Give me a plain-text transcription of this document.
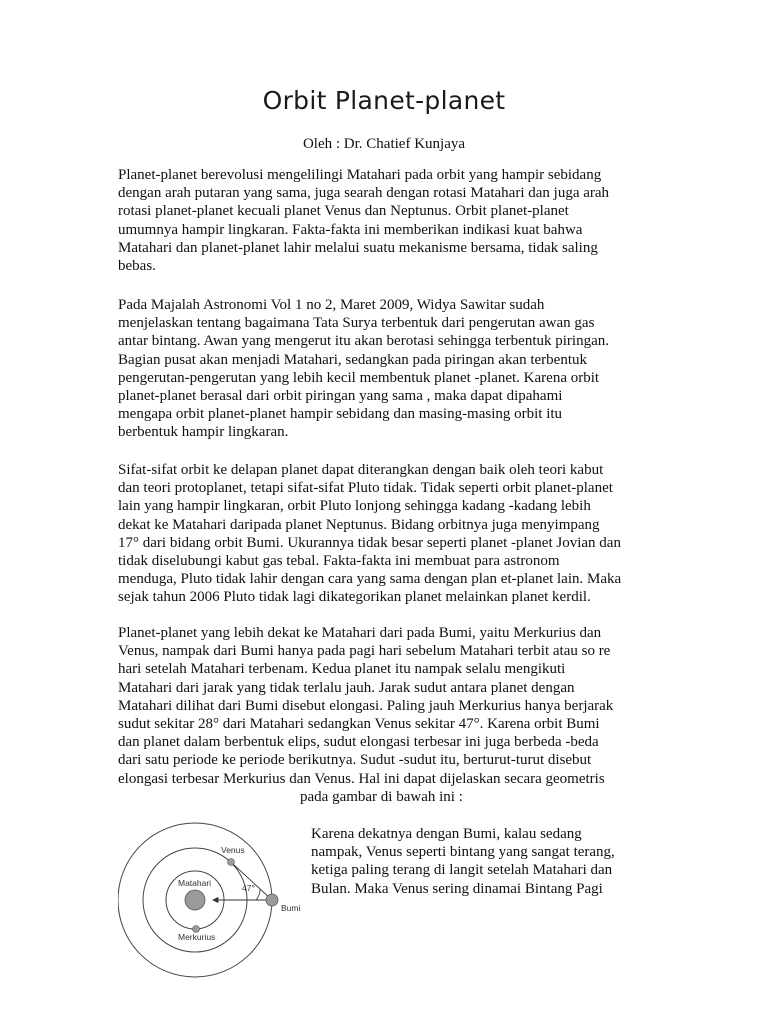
Orbit Planet-planet
Oleh : Dr. Chatief Kunjaya

Planet-planet berevolusi mengelilingi Matahari pada orbit yang hampir sebidang
dengan arah putaran yang sama, juga searah dengan rotasi Matahari dan juga arah
rotasi planet-planet kecuali planet Venus dan Neptunus. Orbit planet-planet
umumnya hampir lingkaran. Fakta-fakta ini memberikan indikasi kuat bahwa
Matahari dan planet-planet lahir melalui suatu mekanisme bersama, tidak saling
bebas.

Pada Majalah Astronomi Vol 1 no 2, Maret 2009, Widya Sawitar sudah
menjelaskan tentang bagaimana Tata Surya terbentuk dari pengerutan awan gas
antar bintang. Awan yang mengerut itu akan berotasi sehingga terbentuk piringan.
Bagian pusat akan menjadi Matahari, sedangkan pada piringan akan terbentuk
pengerutan-pengerutan yang lebih kecil membentuk planet -planet. Karena orbit
planet-planet berasal dari orbit piringan yang sama , maka dapat dipahami
mengapa orbit planet-planet hampir sebidang dan masing-masing orbit itu
berbentuk hampir lingkaran.

Sifat-sifat orbit ke delapan planet dapat diterangkan dengan baik oleh teori kabut
dan teori protoplanet, tetapi sifat-sifat Pluto tidak. Tidak seperti orbit planet-planet
lain yang hampir lingkaran, orbit Pluto lonjong sehingga kadang -kadang lebih
dekat ke Matahari daripada planet Neptunus. Bidang orbitnya juga menyimpang
17° dari bidang orbit Bumi. Ukurannya tidak besar seperti planet -planet Jovian dan
tidak diselubungi kabut gas tebal. Fakta-fakta ini membuat para astronom
menduga, Pluto tidak lahir dengan cara yang sama dengan plan et-planet lain. Maka
sejak tahun 2006 Pluto tidak lagi dikategorikan planet melainkan planet kerdil.

Planet-planet yang lebih dekat ke Matahari dari pada Bumi, yaitu Merkurius dan
Venus, nampak dari Bumi hanya pada pagi hari sebelum Matahari terbit atau so re
hari setelah Matahari terbenam. Kedua planet itu nampak selalu mengikuti
Matahari dari jarak yang tidak terlalu jauh. Jarak sudut antara planet dengan
Matahari dilihat dari Bumi disebut elongasi. Paling jauh Merkurius hanya berjarak
sudut sekitar 28° dari Matahari sedangkan Venus sekitar 47°. Karena orbit Bumi
dan planet dalam berbentuk elips, sudut elongasi terbesar ini juga berbeda -beda
dari satu periode ke periode berikutnya. Sudut -sudut itu, berturut-turut disebut
elongasi terbesar Merkurius dan Venus. Hal ini dapat dijelaskan secara geometris

pada gambar di bawah ini :
Venus
Matahari	47°
Bumi
Merkurius
Karena dekatnya dengan Bumi, kalau sedang
nampak, Venus seperti bintang yang sangat terang,
ketiga paling terang di langit setelah Matahari dan
Bulan. Maka Venus sering dinamai Bintang Pagi
